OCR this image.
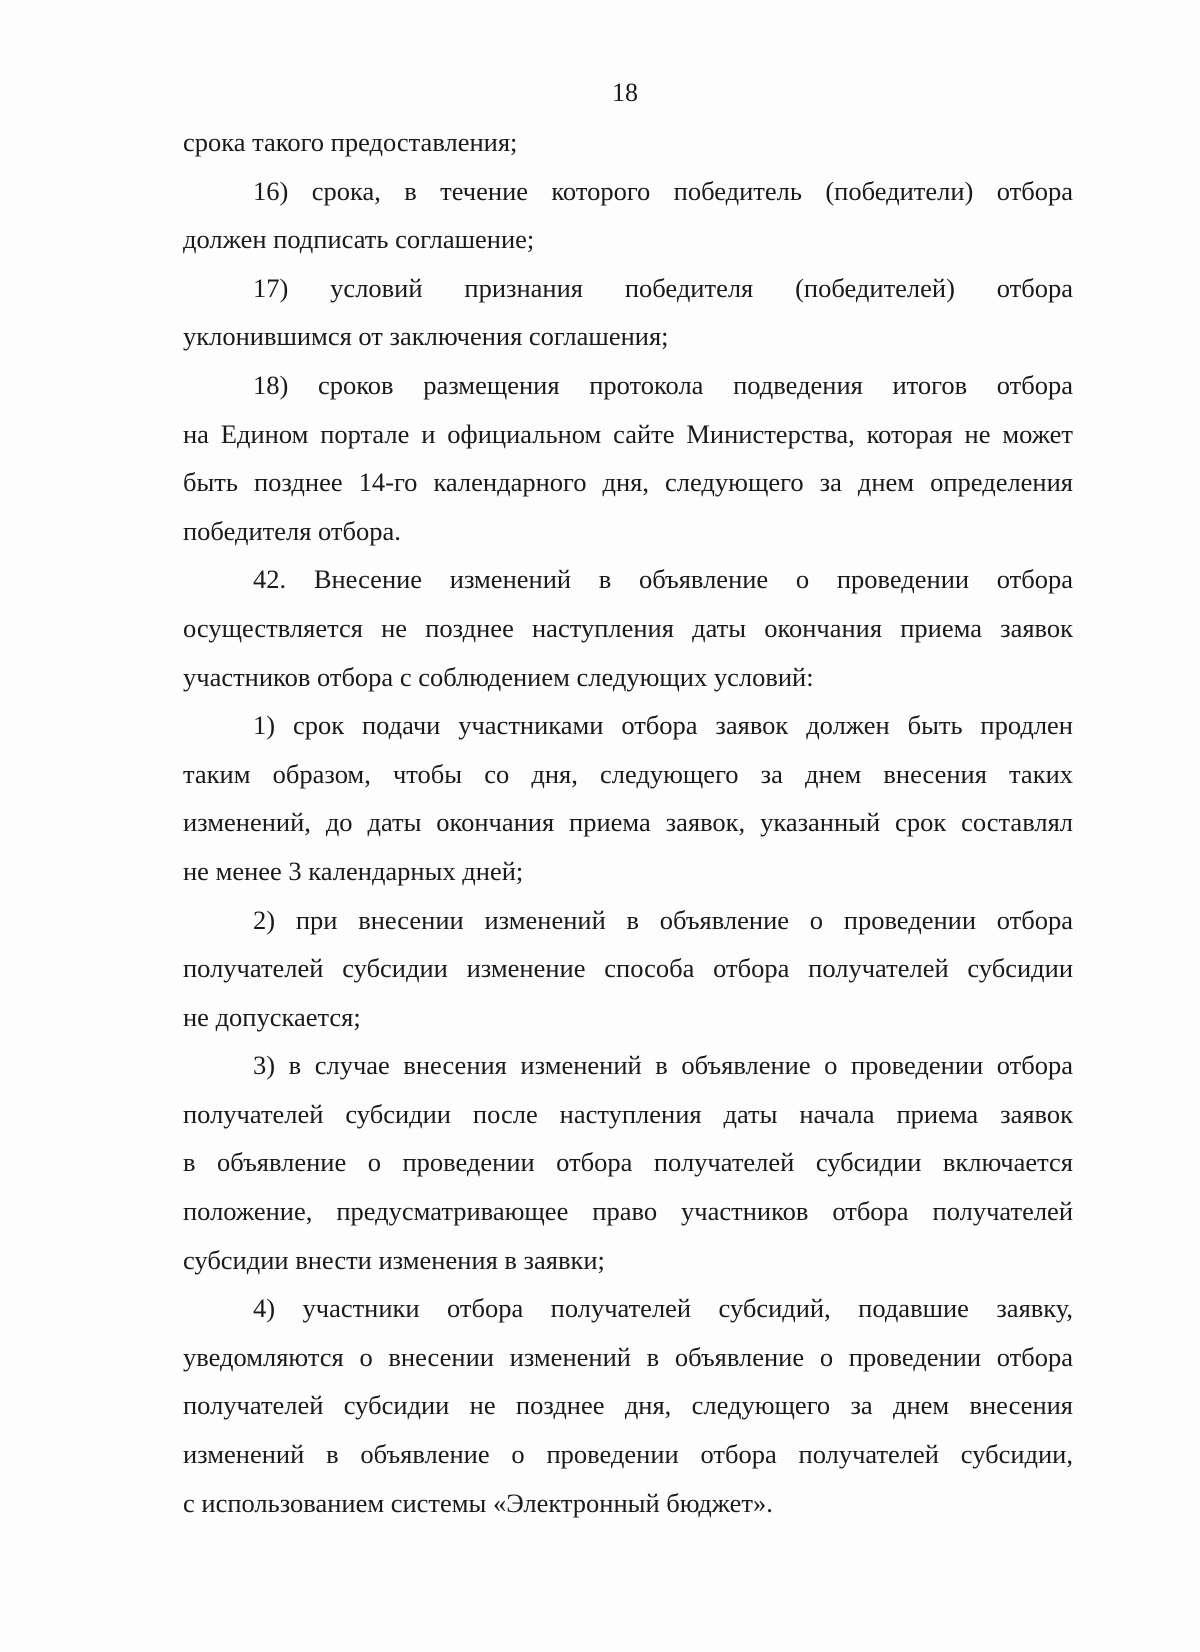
18
срока такого предоставления;
16) срока, в течение которого победитель (победители) отбора
должен подписать соглашение;
17) условий признания победителя (победителей) отбора
уклонившимся от заключения соглашения;
18) сроков размещения протокола подведения итогов отбора
на Едином портале и официальном сайте Министерства, которая не может
быть позднее 14-го календарного дня, следующего за днем определения
победителя отбора.
42. Внесение изменений в объявление о проведении отбора
осуществляется не позднее наступления даты окончания приема заявок
участников отбора с соблюдением следующих условий:
1) срок подачи участниками отбора заявок должен быть продлен
таким образом, чтобы со дня, следующего за днем внесения таких
изменений, до даты окончания приема заявок, указанный срок составлял
не менее 3 календарных дней;
2) при внесении изменений в объявление о проведении отбора
получателей субсидии изменение способа отбора получателей субсидии
не допускается;
3) в случае внесения изменений в объявление о проведении отбора
получателей субсидии после наступления даты начала приема заявок
в объявление о проведении отбора получателей субсидии включается
положение, предусматривающее право участников отбора получателей
субсидии внести изменения в заявки;
4) участники отбора получателей субсидий, подавшие заявку,
уведомляются о внесении изменений в объявление о проведении отбора
получателей субсидии не позднее дня, следующего за днем внесения
изменений в объявление о проведении отбора получателей субсидии,
с использованием системы «Электронный бюджет».
